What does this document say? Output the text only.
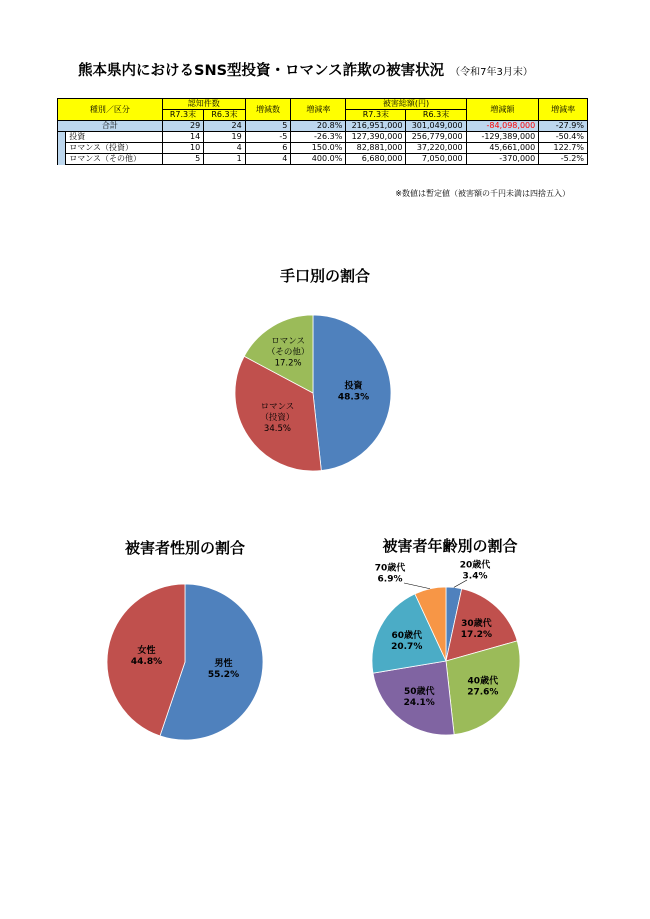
熊本県内におけるSNS型投資・ロマンス詐欺の被害状況 （令和7年3月末）
種別／区分		認知件数		増減数	増減率	被害総額(円)		増減額	増減率
		R7.3末	R6.3末			R7.3末	R6.3末		
合計		29	24	5	20.8%	216,951,000	301,049,000	-84,098,000	-27.9%
	投資	14	19	-5	-26.3%	127,390,000	256,779,000	-129,389,000	-50.4%
	ロマンス（投資）	10	4	6	150.0%	82,881,000	37,220,000	45,661,000	122.7%
	ロマンス（その他）	5	1	4	400.0%	6,680,000	7,050,000	-370,000	-5.2%
※数値は暫定値（被害額の千円未満は四捨五入）
手口別の割合
投資
48.3%
ロマンス
（投資）
34.5%
ロマンス
（その他）
17.2%
被害者性別の割合
男性
55.2%
女性
44.8%
被害者年齢別の割合
20歳代
3.4%
30歳代
17.2%
40歳代
27.6%
50歳代
24.1%
60歳代
20.7%
70歳代
6.9%
